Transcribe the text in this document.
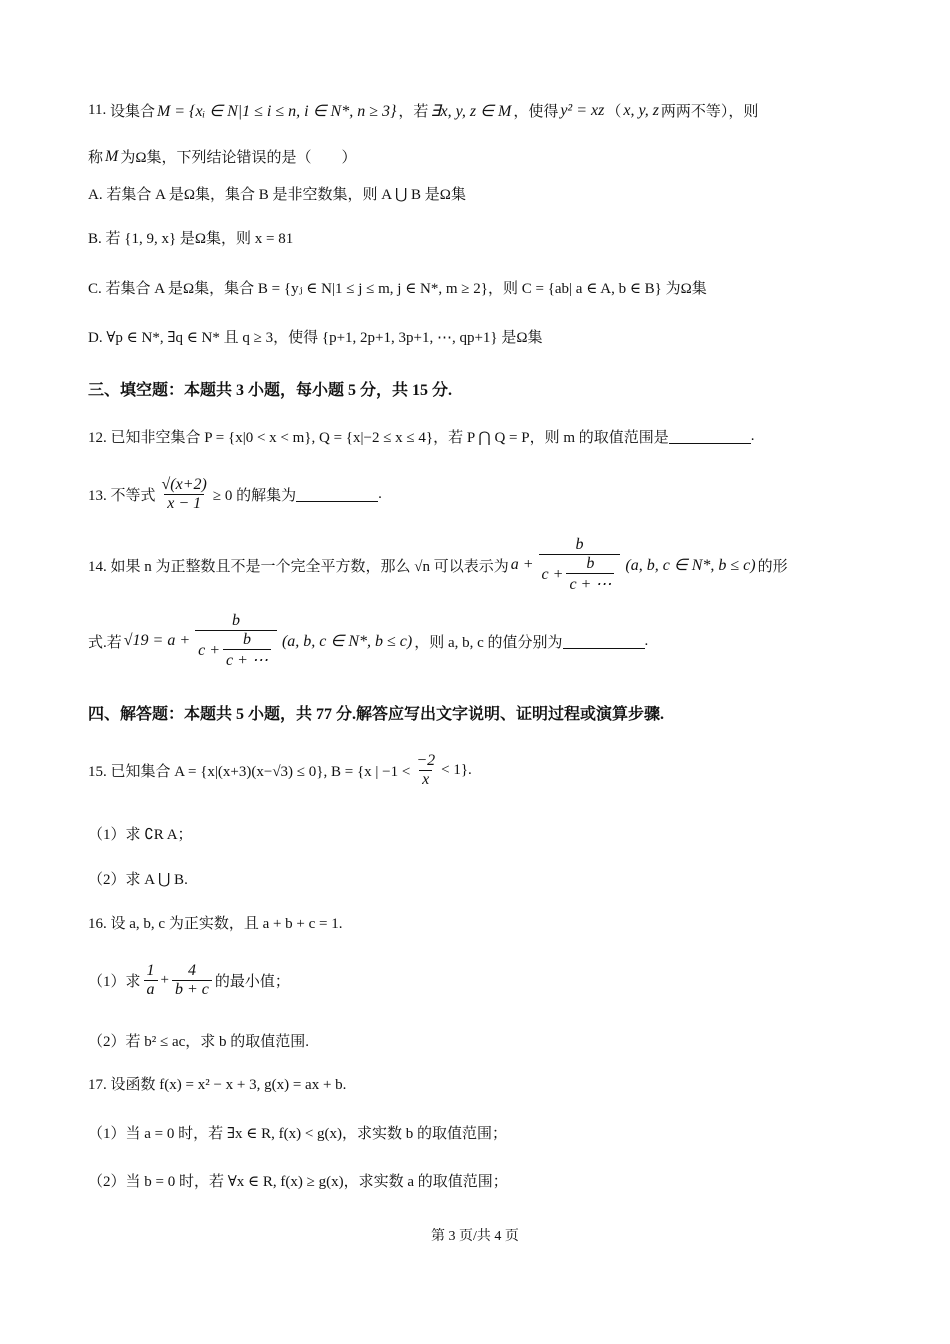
11.
设集合 M = {xᵢ ∈ N|1 ≤ i ≤ n, i ∈ N*, n ≥ 3} ，若 ∃x, y, z ∈ M ，使得 y² = xz （ x, y, z 两两不等），则
称 M 为Ω集，下列结论错误的是（　　）
A. 若集合 A 是Ω集，集合 B 是非空数集，则 A ⋃ B 是Ω集
B. 若 {1, 9, x} 是Ω集，则 x = 81
C. 若集合 A 是Ω集，集合 B = {yⱼ ∈ N|1 ≤ j ≤ m, j ∈ N*, m ≥ 2}，则 C = {ab| a ∈ A, b ∈ B} 为Ω集
D. ∀p ∈ N*, ∃q ∈ N* 且 q ≥ 3，使得 {p+1, 2p+1, 3p+1, ⋯, qp+1} 是Ω集
三、填空题：本题共 3 小题，每小题 5 分，共 15 分.
12. 已知非空集合 P = {x|0 < x < m}, Q = {x|−2 ≤ x ≤ 4}，若 P ⋂ Q = P，则 m 的取值范围是	.
13. 不等式 $\frac{√(x+2)}{x - 1} \ge 0$ 的解集为	.
14. 如果 n 为正整数且不是一个完全平方数，那么 √n 可以表示为 $a + \frac{b}{c + \frac{b}{c + \cdots}} (a$, b, c ∈ N*, b ≤ c) 的形
式.若 $√19 = a + \frac{b}{c + \frac{b}{c + \cdots}} (a$, b, c ∈ N*, b ≤ c) ，则 a, b, c 的值分别为	.
四、解答题：本题共 5 小题，共 77 分.解答应写出文字说明、证明过程或演算步骤.
15. 已知集合 A = {x|(x+3)(x−√3) ≤ 0}, B = {x | $-1 < \frac{-2}{x} < 1$}.
（1）求 ∁R A；
（2）求 A ⋃ B.
16. 设 a, b, c 为正实数，且 a + b + c = 1.
（1）求 $\frac{1}{a} + \frac{4}{b + c}$ 的最小值；
（2）若 b² ≤ ac，求 b 的取值范围.
17. 设函数 f(x) = x² − x + 3, g(x) = ax + b.
（1）当 a = 0 时，若 ∃x ∈ R, f(x) < g(x)，求实数 b 的取值范围；
（2）当 b = 0 时，若 ∀x ∈ R, f(x) ≥ g(x)，求实数 a 的取值范围；
第 3 页/共 4 页
